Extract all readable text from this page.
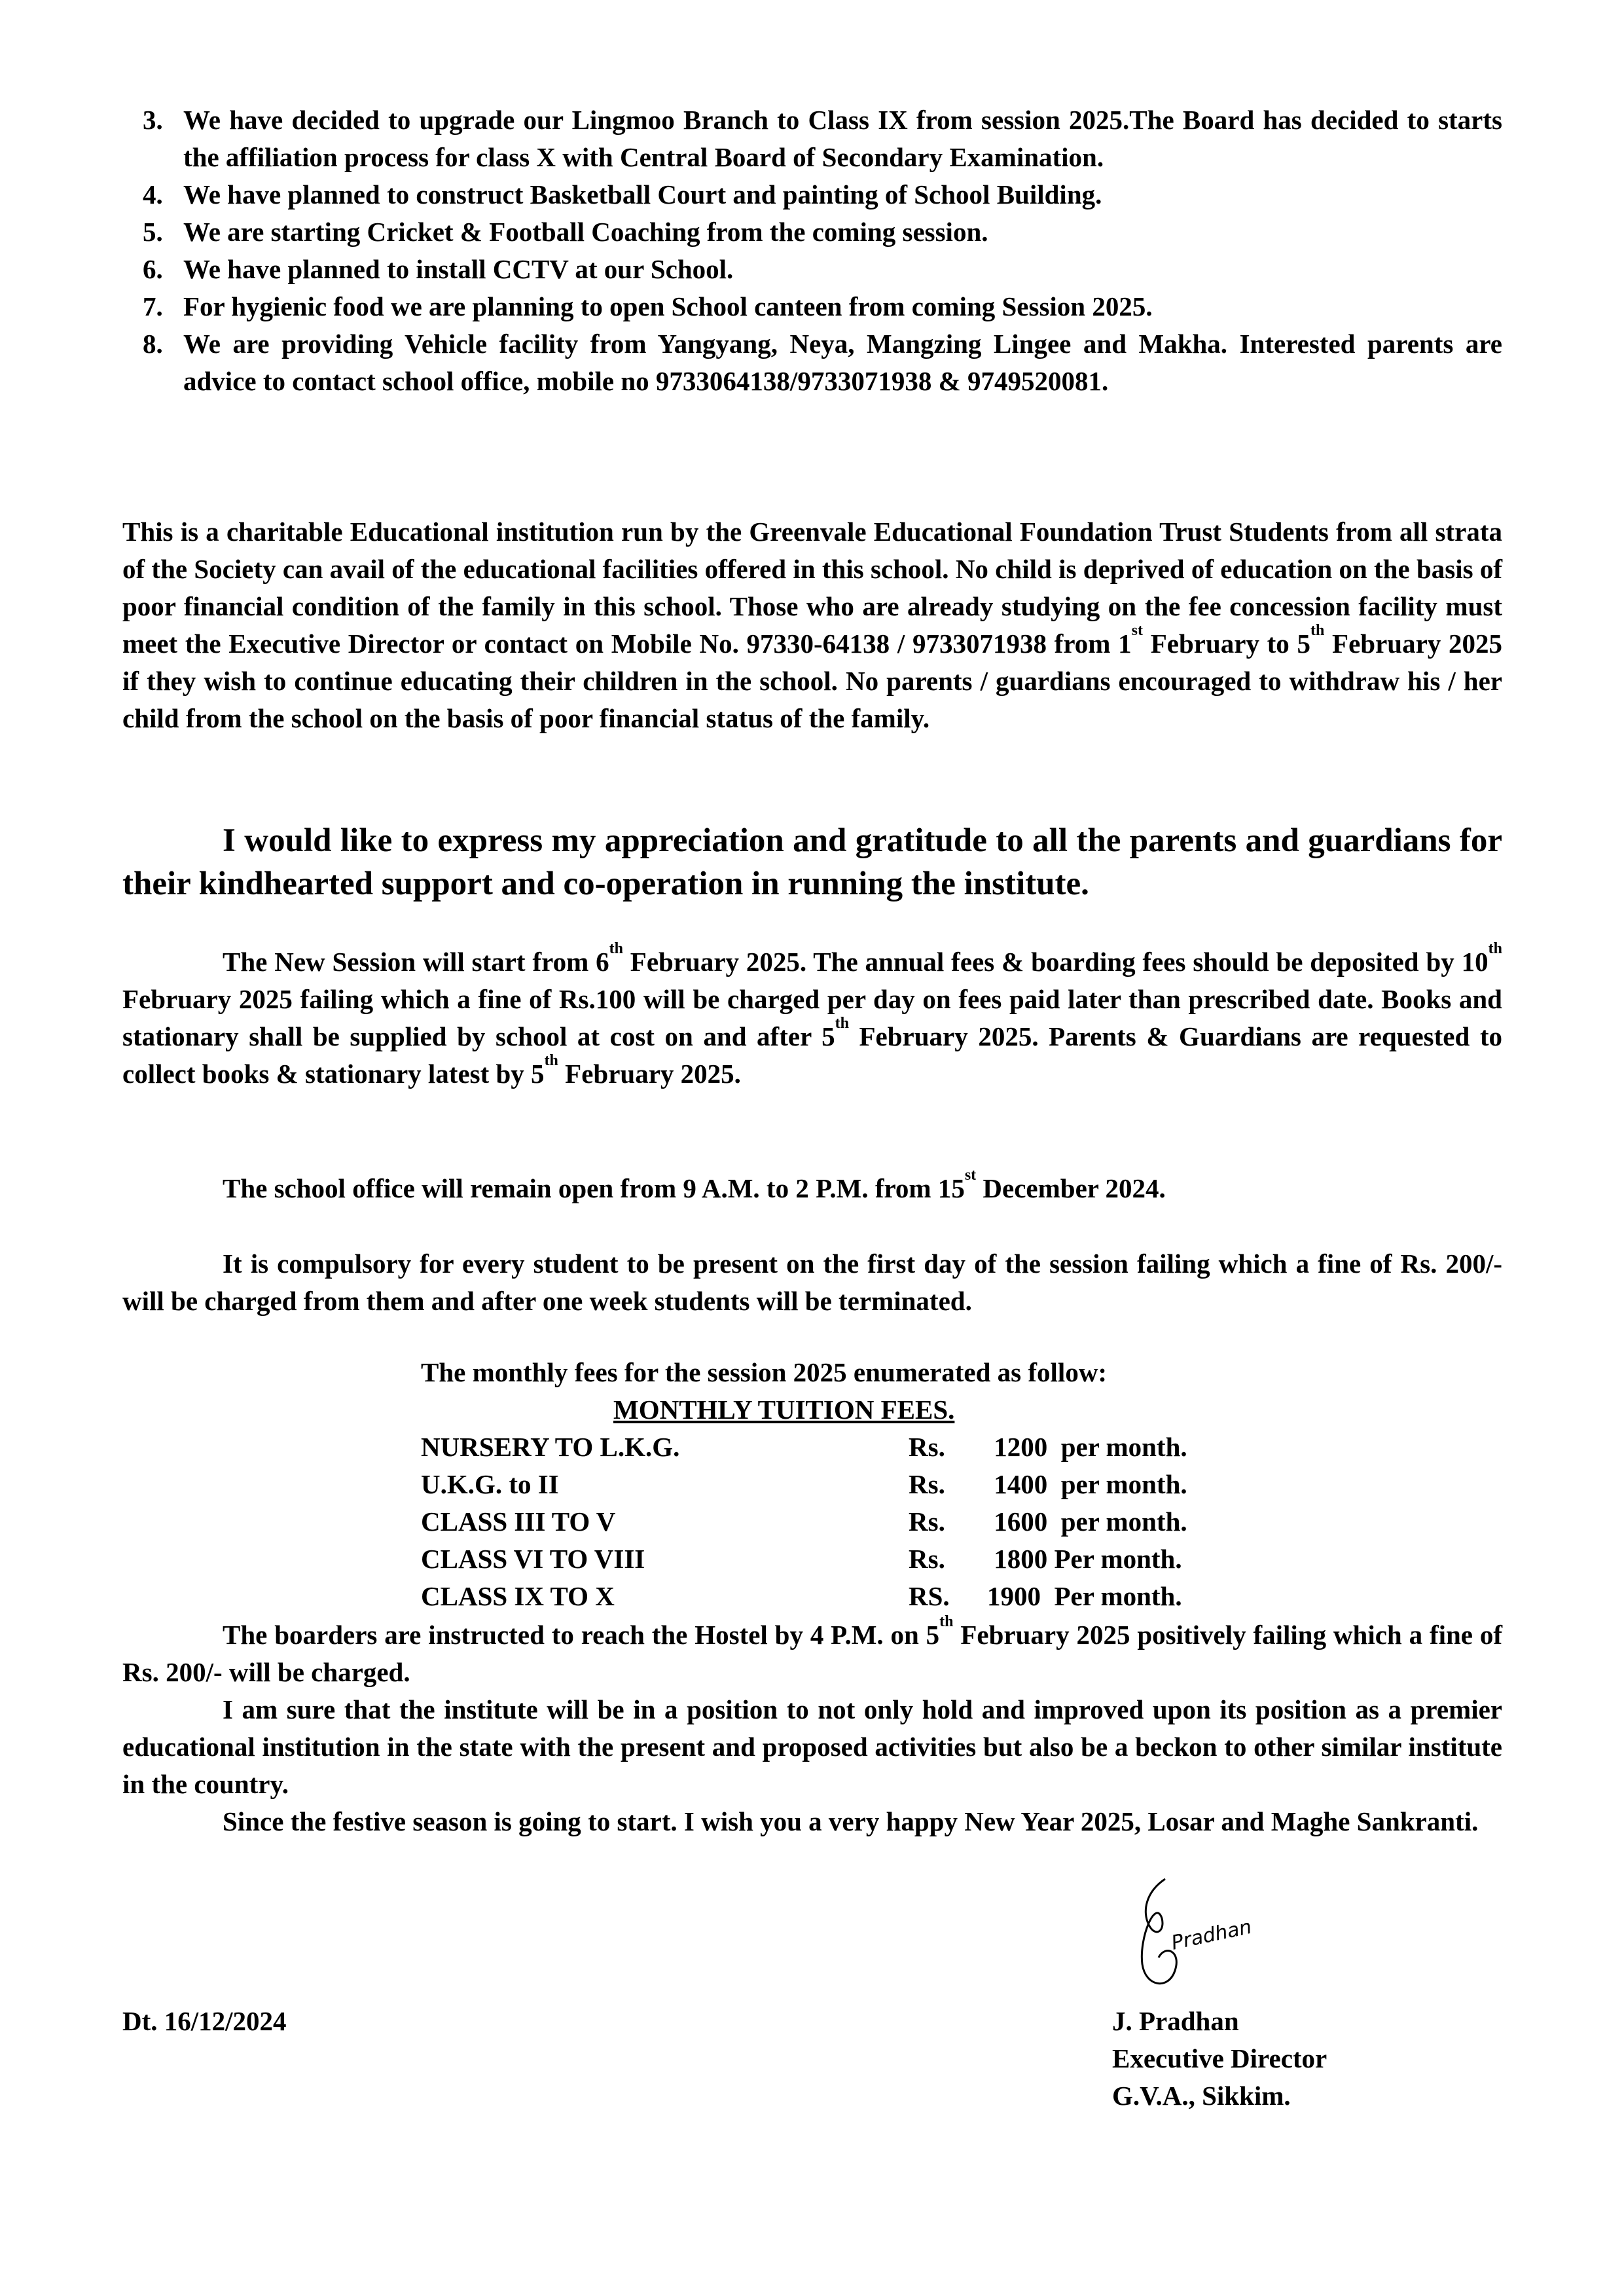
3. We have decided to upgrade our Lingmoo Branch to Class IX from session 2025.The Board has decided to starts the affiliation process for class X with Central Board of Secondary Examination.
4. We have planned to construct Basketball Court and painting of School Building.
5. We are starting Cricket & Football Coaching from the coming session.
6. We have planned to install CCTV at our School.
7. For hygienic food we are planning to open School canteen from coming Session 2025.
8. We are providing Vehicle facility from Yangyang, Neya, Mangzing Lingee and Makha. Interested parents are advice to contact school office, mobile no 9733064138/9733071938 & 9749520081.
This is a charitable Educational institution run by the Greenvale Educational Foundation Trust Students from all strata of the Society can avail of the educational facilities offered in this school. No child is deprived of education on the basis of poor financial condition of the family in this school. Those who are already studying on the fee concession facility must meet the Executive Director or contact on Mobile No. 97330-64138 / 9733071938 from 1st February to 5th February 2025 if they wish to continue educating their children in the school. No parents / guardians encouraged to withdraw his / her child from the school on the basis of poor financial status of the family.
I would like to express my appreciation and gratitude to all the parents and guardians for their kindhearted support and co-operation in running the institute.
The New Session will start from 6th February 2025. The annual fees & boarding fees should be deposited by 10th February 2025 failing which a fine of Rs.100 will be charged per day on fees paid later than prescribed date. Books and stationary shall be supplied by school at cost on and after 5th February 2025. Parents & Guardians are requested to collect books & stationary latest by 5th February 2025.
The school office will remain open from 9 A.M. to 2 P.M. from 15st December 2024.
It is compulsory for every student to be present on the first day of the session failing which a fine of Rs. 200/- will be charged from them and after one week students will be terminated.
The monthly fees for the session 2025 enumerated as follow:
MONTHLY TUITION FEES.
NURSERY TO L.K.G.	Rs.	1200  per month.
U.K.G. to II	Rs.	1400  per month.
CLASS III TO V	Rs.	1600  per month.
CLASS VI TO VIII	Rs.	1800 Per month.
CLASS IX TO X	RS.	1900  Per month.
The boarders are instructed to reach the Hostel by 4 P.M. on 5th February 2025 positively failing which a fine of Rs. 200/- will be charged.
I am sure that the institute will be in a position to not only hold and improved upon its position as a premier educational institution in the state with the present and proposed activities but also be a beckon to other similar institute in the country.
Since the festive season is going to start. I wish you a very happy New Year 2025, Losar and Maghe Sankranti.
Pradhan
Dt. 16/12/2024	J. Pradhan
Executive Director
G.V.A., Sikkim.
